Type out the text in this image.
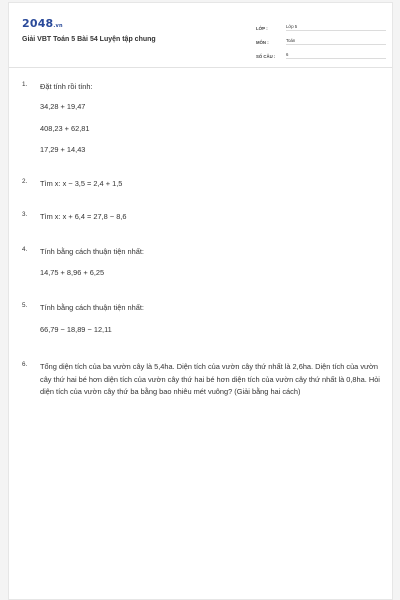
2048.vn
Giải VBT Toán 5 Bài 54 Luyện tập chung
LỚP :	Lớp 5
MÔN :	Toán
SỐ CÂU :	6
1. Đặt tính rồi tính:
34,28 + 19,47
408,23 + 62,81
17,29 + 14,43
2. Tìm x: x − 3,5 = 2,4 + 1,5
3. Tìm x: x + 6,4 = 27,8 − 8,6
4. Tính bằng cách thuận tiện nhất:
14,75 + 8,96 + 6,25
5. Tính bằng cách thuận tiện nhất:
66,79 − 18,89 − 12,11
6. Tổng diện tích của ba vườn cây là 5,4ha. Diện tích của vườn cây thứ nhất là 2,6ha. Diện tích của vườn cây thứ hai bé hơn diện tích của vườn cây thứ hai bé hơn diện tích của vườn cây thứ nhất là 0,8ha. Hỏi diện tích của vườn cây thứ ba bằng bao nhiêu mét vuông? (Giải bằng hai cách)
